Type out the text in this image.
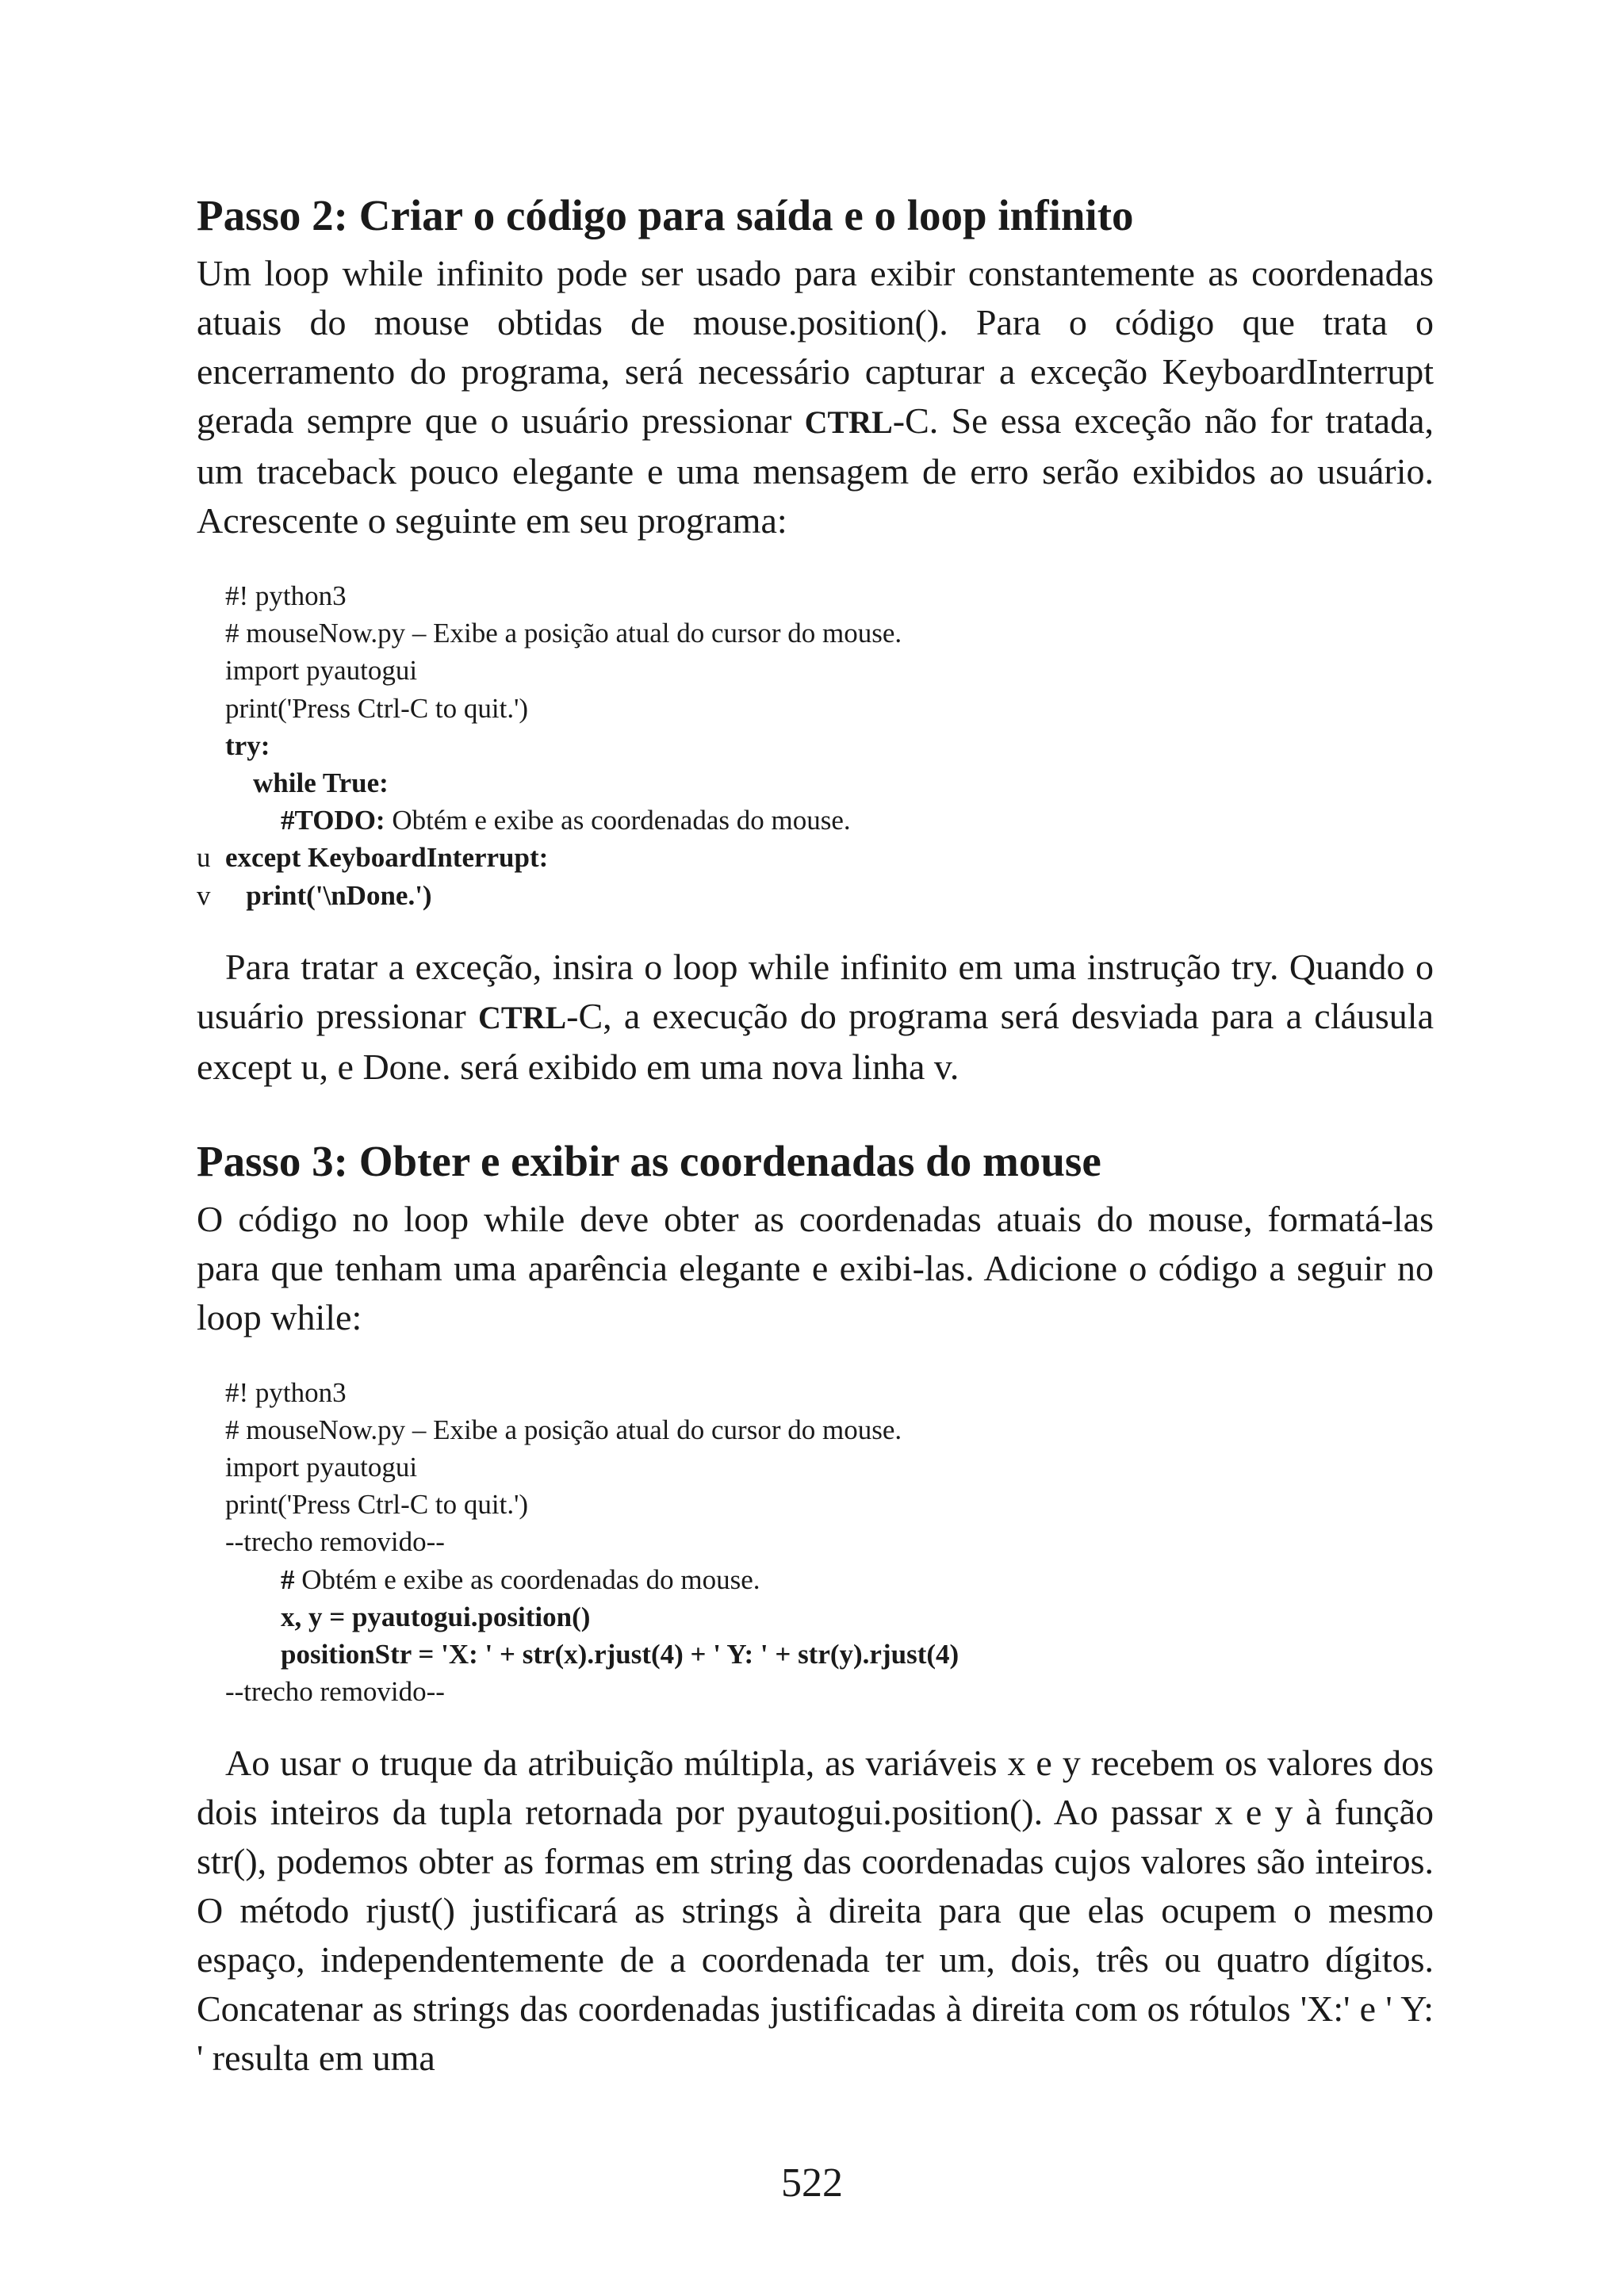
Passo 2: Criar o código para saída e o loop infinito

Um loop while infinito pode ser usado para exibir constantemente as coordenadas atuais do mouse obtidas de mouse.position(). Para o código que trata o encerramento do programa, será necessário capturar a exceção KeyboardInterrupt gerada sempre que o usuário pressionar CTRL-C. Se essa exceção não for tratada, um traceback pouco elegante e uma mensagem de erro serão exibidos ao usuário. Acrescente o seguinte em seu programa:

#! python3
# mouseNow.py – Exibe a posição atual do cursor do mouse.
import pyautogui
print('Press Ctrl-C to quit.')
try:
while True:
#TODO: Obtém e exibe as coordenadas do mouse.
u except KeyboardInterrupt:
v print('\nDone.')

Para tratar a exceção, insira o loop while infinito em uma instrução try. Quando o usuário pressionar CTRL-C, a execução do programa será desviada para a cláusula except u, e Done. será exibido em uma nova linha v.

Passo 3: Obter e exibir as coordenadas do mouse

O código no loop while deve obter as coordenadas atuais do mouse, formatá-las para que tenham uma aparência elegante e exibi-las. Adicione o código a seguir no loop while:

#! python3
# mouseNow.py – Exibe a posição atual do cursor do mouse.
import pyautogui
print('Press Ctrl-C to quit.')
--trecho removido--
# Obtém e exibe as coordenadas do mouse.
x, y = pyautogui.position()
positionStr = 'X: ' + str(x).rjust(4) + ' Y: ' + str(y).rjust(4)
--trecho removido--

Ao usar o truque da atribuição múltipla, as variáveis x e y recebem os valores dos dois inteiros da tupla retornada por pyautogui.position(). Ao passar x e y à função str(), podemos obter as formas em string das coordenadas cujos valores são inteiros. O método rjust() justificará as strings à direita para que elas ocupem o mesmo espaço, independentemente de a coordenada ter um, dois, três ou quatro dígitos. Concatenar as strings das coordenadas justificadas à direita com os rótulos 'X:' e ' Y: ' resulta em uma

522
